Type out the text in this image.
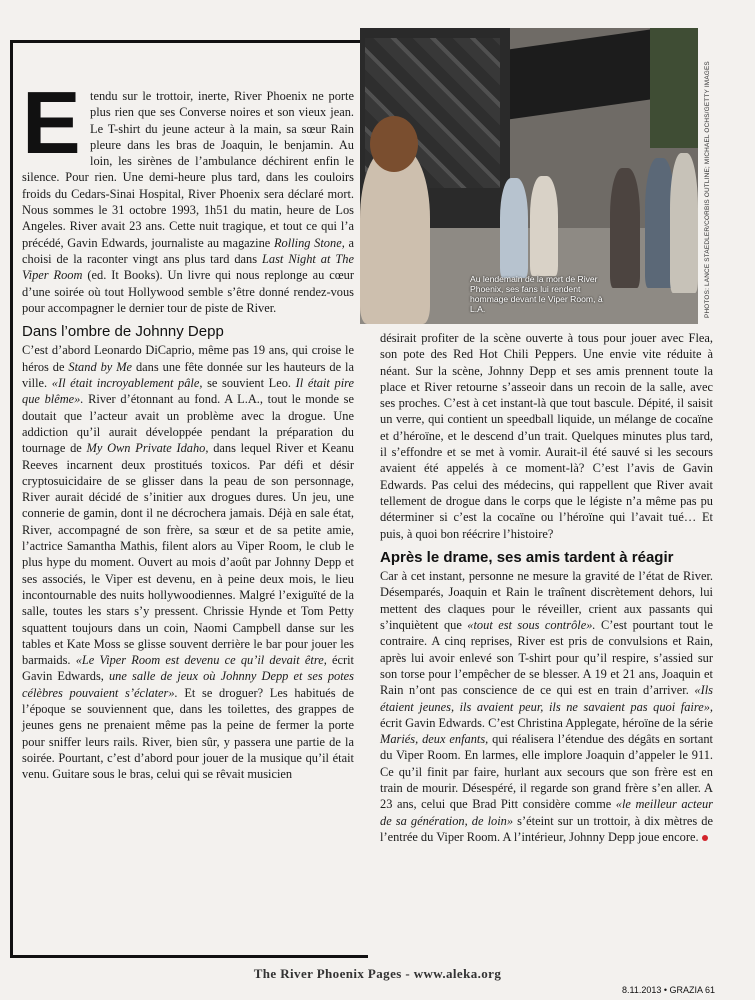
Au lendemain de la mort de River Phoenix, ses fans lui rendent hommage devant le Viper Room, à L.A.	PHOTOS: LANCE STAEDLER/CORBIS OUTLINE; MICHAEL OCHS/GETTY IMAGES

Etendu sur le trottoir, inerte, River Phoenix ne porte plus rien que ses Converse noires et son vieux jean. Le T-shirt du jeune acteur à la main, sa sœur Rain pleure dans les bras de Joaquin, le benjamin. Au loin, les sirènes de l’ambulance déchirent enfin le silence. Pour rien. Une demi-heure plus tard, dans les couloirs froids du Cedars-Sinai Hospital, River Phoenix sera déclaré mort. Nous sommes le 31 octobre 1993, 1h51 du matin, heure de Los Angeles. River avait 23 ans. Cette nuit tragique, et tout ce qui l’a précédé, Gavin Edwards, journaliste au magazine Rolling Stone, a choisi de la raconter vingt ans plus tard dans Last Night at The Viper Room (ed. It Books). Un livre qui nous replonge au cœur d’une soirée où tout Hollywood semble s’être donné rendez-vous pour accompagner le dernier tour de piste de River.

Dans l’ombre de Johnny Depp

C’est d’abord Leonardo DiCaprio, même pas 19 ans, qui croise le héros de Stand by Me dans une fête donnée sur les hauteurs de la ville. «Il était incroyablement pâle, se souvient Leo. Il était pire que blême». River d’étonnant au fond. A L.A., tout le monde se doutait que l’acteur avait un problème avec la drogue. Une addiction qu’il aurait développée pendant la préparation du tournage de My Own Private Idaho, dans lequel River et Keanu Reeves incarnent deux prostitués toxicos. Par défi et désir cryptosuicidaire de se glisser dans la peau de son personnage, River aurait décidé de s’initier aux drogues dures. Un jeu, une connerie de gamin, dont il ne décrochera jamais. Déjà en sale état, River, accompagné de son frère, sa sœur et de sa petite amie, l’actrice Samantha Mathis, filent alors au Viper Room, le club le plus hype du moment. Ouvert au mois d’août par Johnny Depp et ses associés, le Viper est devenu, en à peine deux mois, le lieu incontournable des nuits hollywoodiennes. Malgré l’exiguïté de la salle, toutes les stars s’y pressent. Chrissie Hynde et Tom Petty squattent toujours dans un coin, Naomi Campbell danse sur les tables et Kate Moss se glisse souvent derrière le bar pour jouer les barmaids. «Le Viper Room est devenu ce qu’il devait être, écrit Gavin Edwards, une salle de jeux où Johnny Depp et ses potes célèbres pouvaient s’éclater». Et se droguer? Les habitués de l’époque se souviennent que, dans les toilettes, des grappes de jeunes gens ne prenaient même pas la peine de fermer la porte pour sniffer leurs rails. River, bien sûr, y passera une partie de la soirée. Pourtant, c’est d’abord pour jouer de la musique qu’il était venu. Guitare sous le bras, celui qui se rêvait musicien

désirait profiter de la scène ouverte à tous pour jouer avec Flea, son pote des Red Hot Chili Peppers. Une envie vite réduite à néant. Sur la scène, Johnny Depp et ses amis prennent toute la place et River retourne s’asseoir dans un recoin de la salle, avec ses proches. C’est à cet instant-là que tout bascule. Dépité, il saisit un verre, qui contient un speedball liquide, un mélange de cocaïne et d’héroïne, et le descend d’un trait. Quelques minutes plus tard, il s’effondre et se met à vomir. Aurait-il été sauvé si les secours avaient été appelés à ce moment-là? C’est l’avis de Gavin Edwards. Pas celui des médecins, qui rappellent que River avait tellement de drogue dans le corps que le légiste n’a même pas pu déterminer si c’est la cocaïne ou l’héroïne qui l’avait tué… Et puis, à quoi bon réécrire l’histoire?

Après le drame, ses amis tardent à réagir

Car à cet instant, personne ne mesure la gravité de l’état de River. Désemparés, Joaquin et Rain le traînent discrètement dehors, lui mettent des claques pour le réveiller, crient aux passants qui s’inquiètent que «tout est sous contrôle». C’est pourtant tout le contraire. A cinq reprises, River est pris de convulsions et Rain, après lui avoir enlevé son T-shirt pour qu’il respire, s’assied sur son torse pour l’empêcher de se blesser. A 19 et 21 ans, Joaquin et Rain n’ont pas conscience de ce qui est en train d’arriver. «Ils étaient jeunes, ils avaient peur, ils ne savaient pas quoi faire», écrit Gavin Edwards. C’est Christina Applegate, héroïne de la série Mariés, deux enfants, qui réalisera l’étendue des dégâts en sortant du Viper Room. En larmes, elle implore Joaquin d’appeler le 911. Ce qu’il finit par faire, hurlant aux secours que son frère est en train de mourir. Désespéré, il regarde son grand frère s’en aller. A 23 ans, celui que Brad Pitt considère comme «le meilleur acteur de sa génération, de loin» s’éteint sur un trottoir, à dix mètres de l’entrée du Viper Room. A l’intérieur, Johnny Depp joue encore.

The River Phoenix Pages - www.aleka.org
8.11.2013 • GRAZIA 61
